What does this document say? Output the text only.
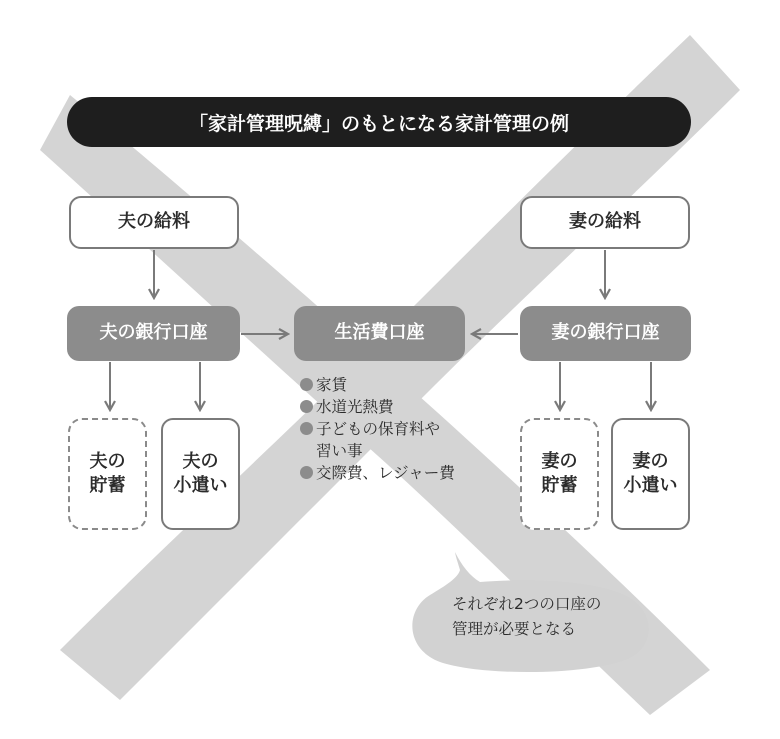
「家計管理呪縛」のもとになる家計管理の例
夫の給料	妻の給料
夫の銀行口座	生活費口座	妻の銀行口座
夫の
貯蓄
夫の
小遣い
妻の
貯蓄
妻の
小遣い
家賃
水道光熱費
子どもの保育料や
習い事
交際費、レジャー費
それぞれ2つの口座の
管理が必要となる
